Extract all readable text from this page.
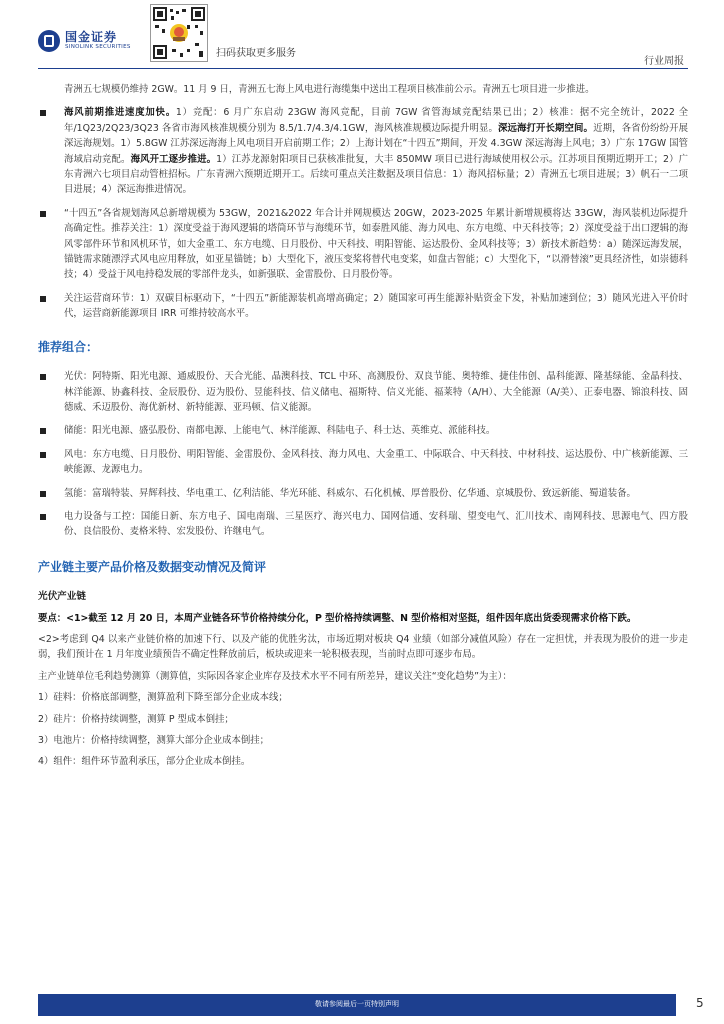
国金证券
SINOLINK SECURITIES
扫码获取更多服务
行业周报

青洲五七规模仍维持 2GW。11 月 9 日，青洲五七海上风电进行海缆集中送出工程项目核准前公示。青洲五七项目进一步推进。

海风前期推进速度加快。1）竞配：6 月广东启动 23GW 海风竞配，目前 7GW 省管海域竞配结果已出；2）核准：据不完全统计，2022 全年/1Q23/2Q23/3Q23 各省市海风核准规模分别为 8.5/1.7/4.3/4.1GW，海风核准规模边际提升明显。深远海打开长期空间。近期，各省份纷纷开展深远海规划。1）5.8GW 江苏深远海海上风电项目开启前期工作；2）上海计划在“十四五”期间，开发 4.3GW 深远海海上风电；3）广东 17GW 国管海域启动竞配。海风开工逐步推进。1）江苏龙源射阳项目已获核准批复，大丰 850MW 项目已进行海域使用权公示。江苏项目预期近期开工；2）广东青洲六七项目启动管桩招标。广东青洲六预期近期开工。后续可重点关注数据及项目信息：1）海风招标量；2）青洲五七项目进展；3）帆石一二项目进展；4）深远海推进情况。
“十四五”各省规划海风总新增规模为 53GW，2021&2022 年合计并网规模达 20GW，2023-2025 年累计新增规模将达 33GW，海风装机边际提升高确定性。推荐关注：1）深度受益于海风逻辑的塔筒环节与海缆环节，如泰胜风能、海力风电、东方电缆、中天科技等；2）深度受益于出口逻辑的海风零部件环节和风机环节，如大金重工、东方电缆、日月股份、中天科技、明阳智能、运达股份、金风科技等；3）新技术新趋势：a）随深远海发展，锚链需求随漂浮式风电应用释放，如亚星锚链；b）大型化下，液压变桨将替代电变桨，如盘古智能；c）大型化下，“以滑替滚”更具经济性，如崇德科技；4）受益于风电持稳发展的零部件龙头，如新强联、金雷股份、日月股份等。
关注运营商环节：1）双碳目标驱动下，“十四五”新能源装机高增高确定；2）随国家可再生能源补贴资金下发，补贴加速到位；3）随风光进入平价时代，运营商新能源项目 IRR 可维持较高水平。
推荐组合：
光伏：阿特斯、阳光电源、通威股份、天合光能、晶澳科技、TCL 中环、高测股份、双良节能、奥特维、捷佳伟创、晶科能源、隆基绿能、金晶科技、林洋能源、协鑫科技、金辰股份、迈为股份、昱能科技、信义储电、福斯特、信义光能、福莱特（A/H）、大全能源（A/美）、正泰电器、锦浪科技、固德威、禾迈股份、海优新材、新特能源、亚玛顿、信义能源。
储能：阳光电源、盛弘股份、南都电源、上能电气、林洋能源、科陆电子、科士达、英维克、派能科技。
风电：东方电缆、日月股份、明阳智能、金雷股份、金风科技、海力风电、大金重工、中际联合、中天科技、中材科技、运达股份、中广核新能源、三峡能源、龙源电力。
氢能：富瑞特装、昇辉科技、华电重工、亿利洁能、华光环能、科威尔、石化机械、厚普股份、亿华通、京城股份、致远新能、蜀道装备。
电力设备与工控：国能日新、东方电子、国电南瑞、三星医疗、海兴电力、国网信通、安科瑞、望变电气、汇川技术、南网科技、思源电气、四方股份、良信股份、麦格米特、宏发股份、许继电气。
产业链主要产品价格及数据变动情况及简评
光伏产业链

要点：<1>截至 12 月 20 日，本周产业链各环节价格持续分化，P 型价格持续调整、N 型价格相对坚挺，组件因年底出货委现需求价格下跌。

<2>考虑到 Q4 以来产业链价格的加速下行、以及产能的优胜劣汰，市场近期对板块 Q4 业绩（如部分减值风险）存在一定担忧，并表现为股价的进一步走弱，我们预计在 1 月年度业绩预告不确定性释放前后，板块或迎来一轮积极表现，当前时点即可逐步布局。

主产业链单位毛利趋势测算（测算值，实际因各家企业库存及技术水平不同有所差异，建议关注“变化趋势”为主）：

1）硅料：价格底部调整，测算盈利下降至部分企业成本线；

2）硅片：价格持续调整，测算 P 型成本倒挂；

3）电池片：价格持续调整，测算大部分企业成本倒挂；

4）组件：组件环节盈利承压，部分企业成本倒挂。

敬请参阅最后一页特别声明	5
